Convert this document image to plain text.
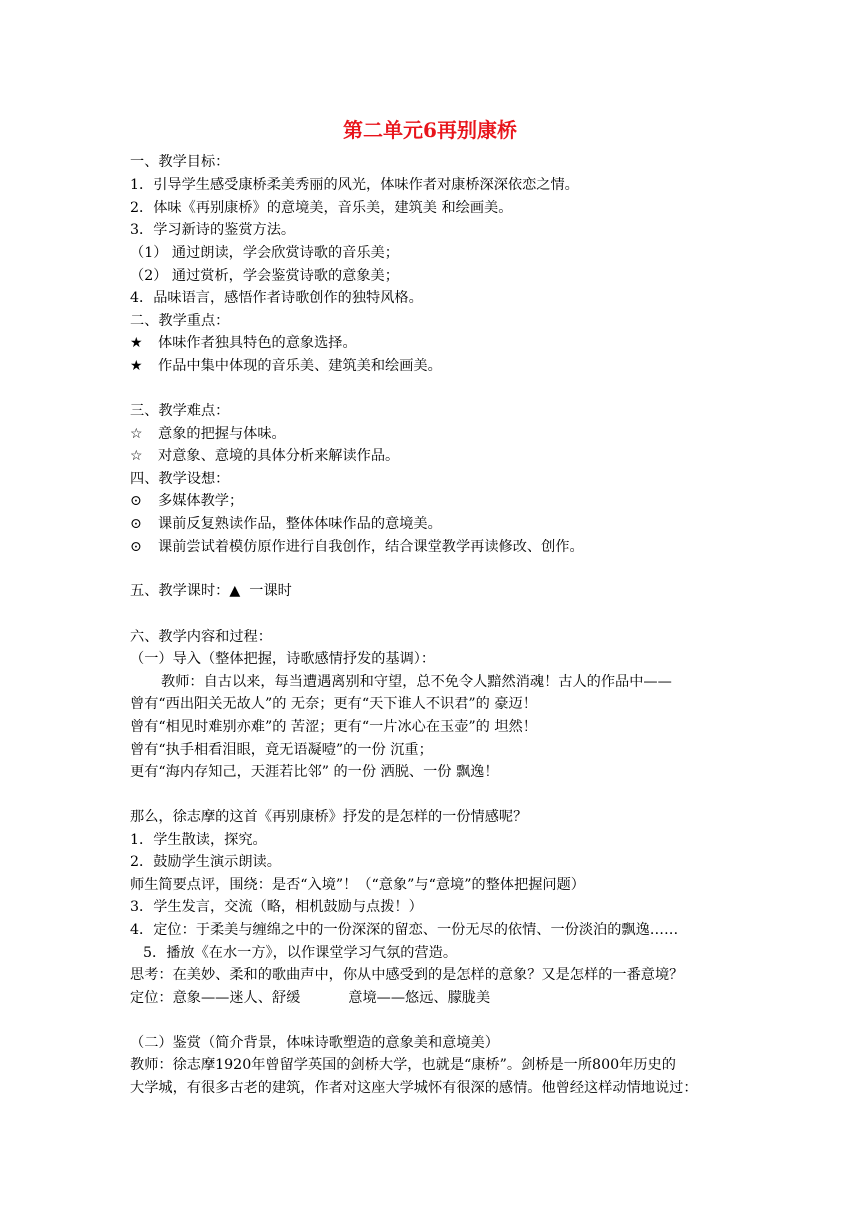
第二单元6再别康桥
一、教学目标：
1．引导学生感受康桥柔美秀丽的风光，体味作者对康桥深深依恋之情。
2．体味《再别康桥》的意境美，音乐美，建筑美 和绘画美。
3．学习新诗的鉴赏方法。
（1） 通过朗读，学会欣赏诗歌的音乐美；
（2） 通过赏析，学会鉴赏诗歌的意象美；
4．品味语言，感悟作者诗歌创作的独特风格。
二、教学重点：
★ 体味作者独具特色的意象选择。
★ 作品中集中体现的音乐美、建筑美和绘画美。
三、教学难点：
☆ 意象的把握与体味。
☆ 对意象、意境的具体分析来解读作品。
四、教学设想：
⊙ 多媒体教学；
⊙ 课前反复熟读作品，整体体味作品的意境美。
⊙ 课前尝试着模仿原作进行自我创作，结合课堂教学再读修改、创作。
五、教学课时：▲ 一课时
六、教学内容和过程：
（一）导入（整体把握，诗歌感情抒发的基调）：
教师：自古以来，每当遭遇离别和守望，总不免令人黯然消魂！古人的作品中——
曾有“西出阳关无故人”的 无奈；更有“天下谁人不识君”的 豪迈！
曾有“相见时难别亦难”的 苦涩；更有“一片冰心在玉壶”的 坦然！
曾有“执手相看泪眼，竟无语凝噎”的一份 沉重；
更有“海内存知己，天涯若比邻” 的一份 洒脱、一份 飘逸！
那么，徐志摩的这首《再别康桥》抒发的是怎样的一份情感呢？
1．学生散读，探究。
2．鼓励学生演示朗读。
师生简要点评，围绕：是否“入境”！（“意象”与“意境”的整体把握问题）
3．学生发言，交流（略，相机鼓励与点拨！）
4．定位：于柔美与缠绵之中的一份深深的留恋、一份无尽的依情、一份淡泊的飘逸……
5．播放《在水一方》，以作课堂学习气氛的营造。
思考：在美妙、柔和的歌曲声中，你从中感受到的是怎样的意象？又是怎样的一番意境？
定位：意象——迷人、舒缓	意境——悠远、朦胧美
（二）鉴赏（简介背景，体味诗歌塑造的意象美和意境美）
教师：徐志摩1920年曾留学英国的剑桥大学，也就是“康桥”。剑桥是一所800年历史的
大学城，有很多古老的建筑，作者对这座大学城怀有很深的感情。他曾经这样动情地说过：
